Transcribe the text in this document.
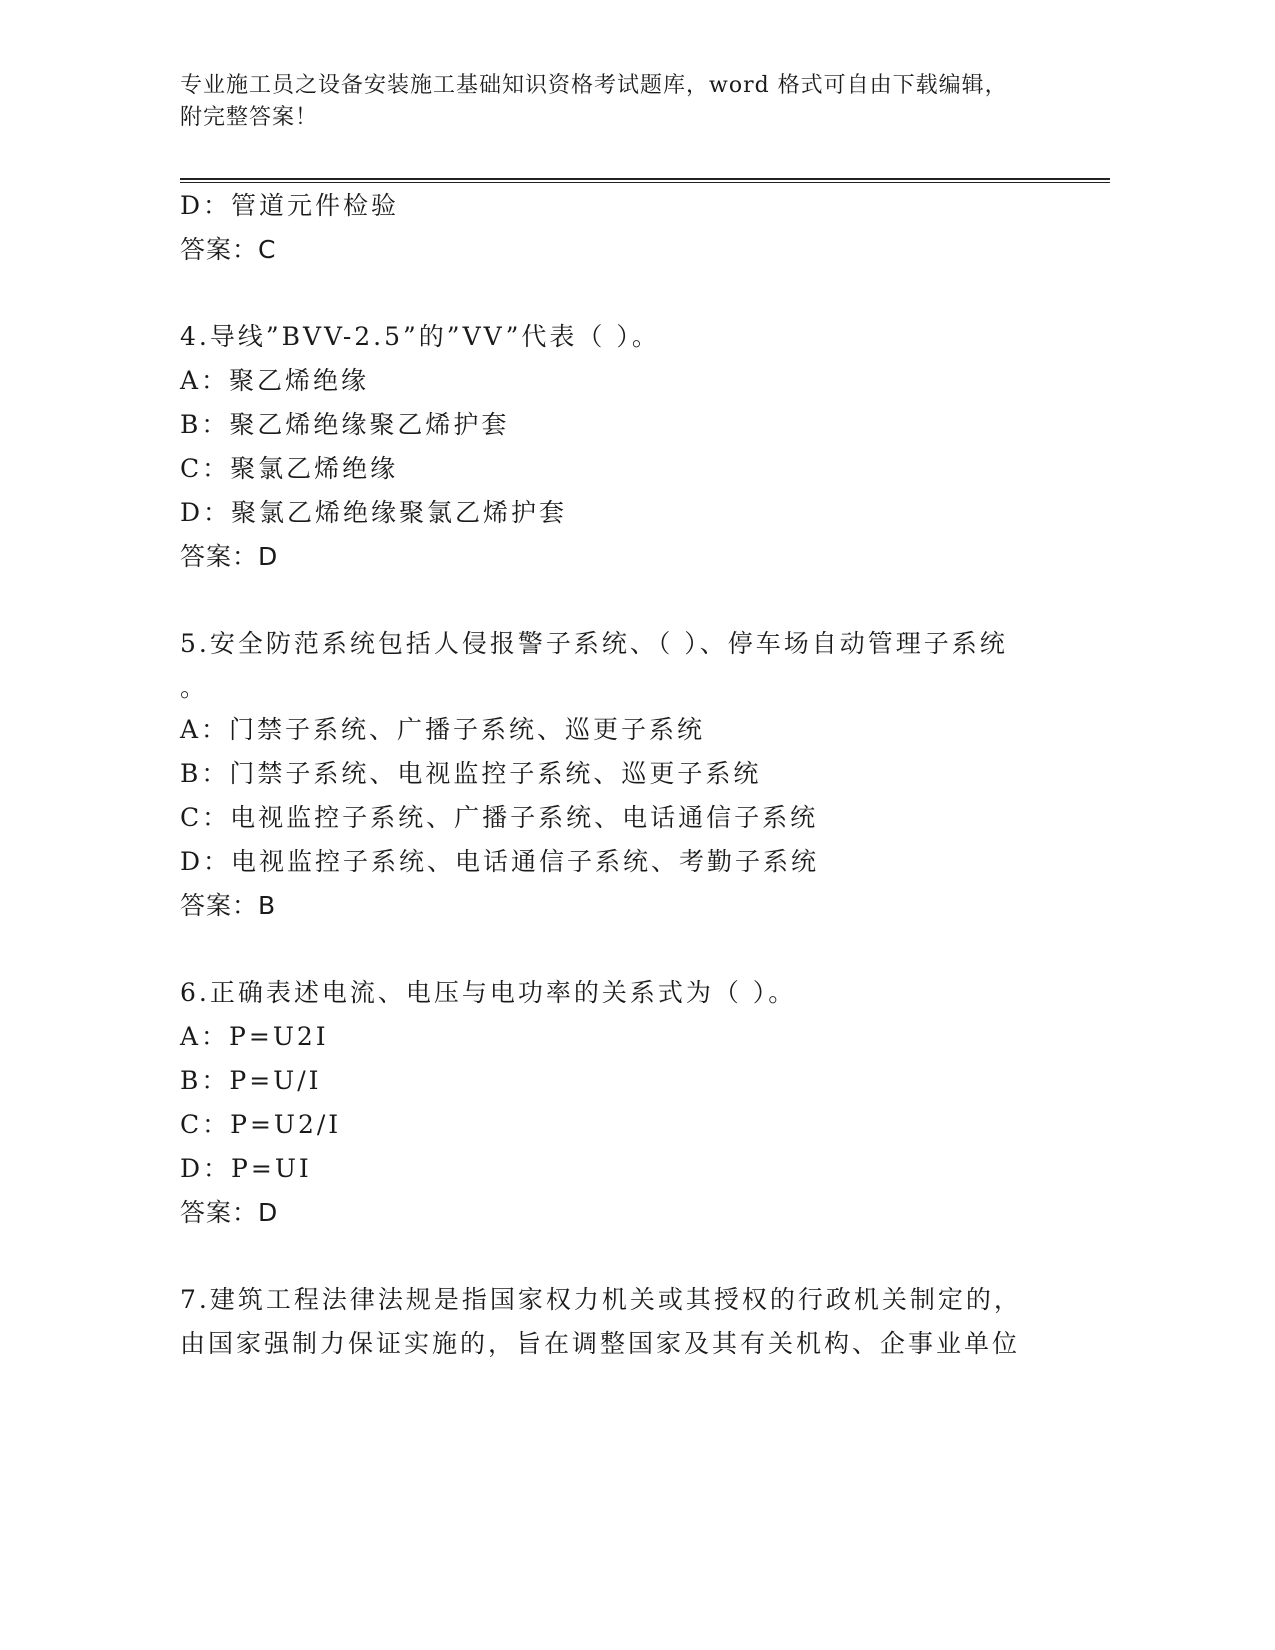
专业施工员之设备安装施工基础知识资格考试题库，word 格式可自由下载编辑，
附完整答案！
D：管道元件检验
答案：C
4.导线”BVV-2.5”的”VV”代表（ ）。
A：聚乙烯绝缘
B：聚乙烯绝缘聚乙烯护套
C：聚氯乙烯绝缘
D：聚氯乙烯绝缘聚氯乙烯护套
答案：D
5.安全防范系统包括人侵报警子系统、（ ）、停车场自动管理子系统
。
A：门禁子系统、广播子系统、巡更子系统
B：门禁子系统、电视监控子系统、巡更子系统
C：电视监控子系统、广播子系统、电话通信子系统
D：电视监控子系统、电话通信子系统、考勤子系统
答案：B
6.正确表述电流、电压与电功率的关系式为（ ）。
A：P=U2I
B：P=U/I
C：P=U2/I
D：P=UI
答案：D
7.建筑工程法律法规是指国家权力机关或其授权的行政机关制定的，
由国家强制力保证实施的，旨在调整国家及其有关机构、企事业单位
